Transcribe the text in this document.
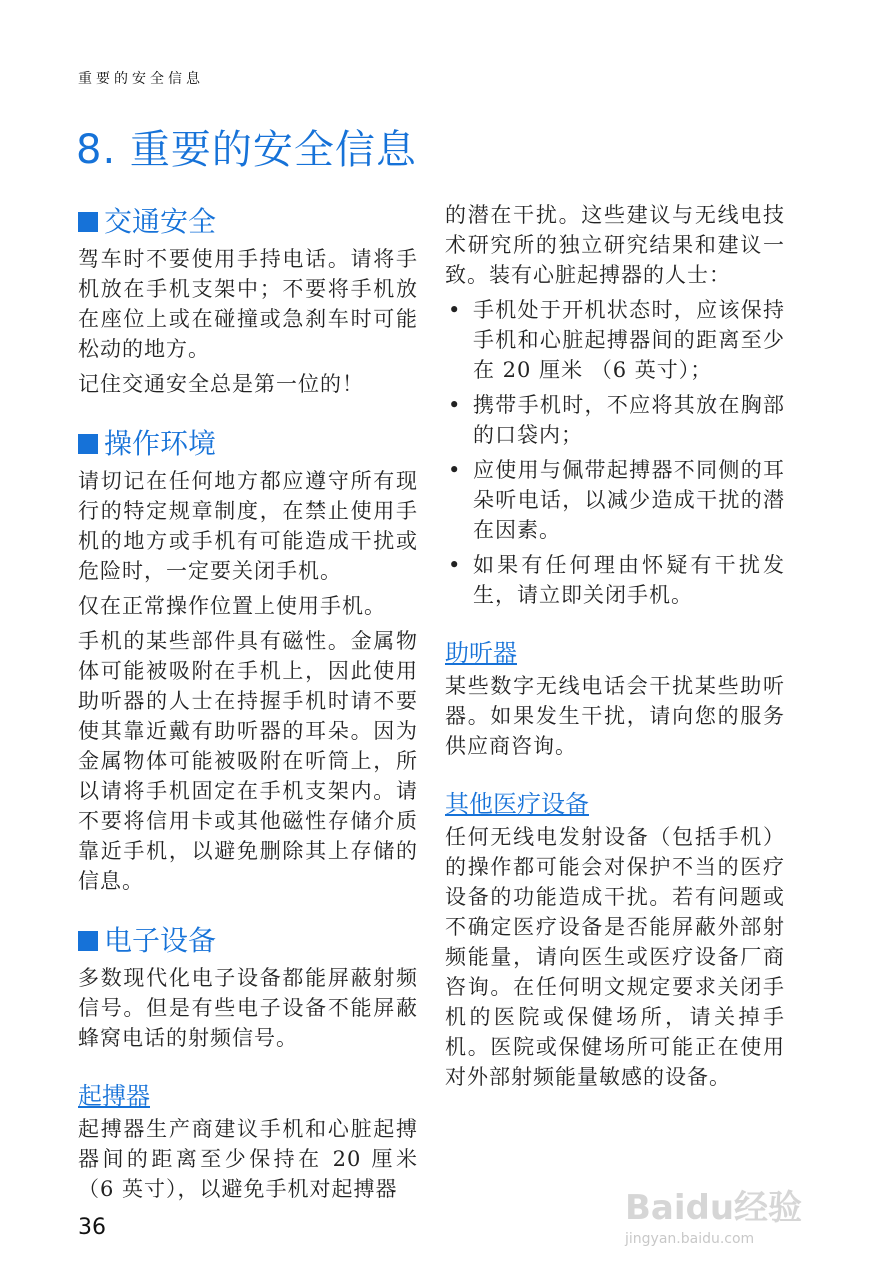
重要的安全信息
8. 重要的安全信息
交通安全

驾车时不要使用手持电话。请将手机放在手机支架中；不要将手机放在座位上或在碰撞或急刹车时可能松动的地方。

记住交通安全总是第一位的！

操作环境

请切记在任何地方都应遵守所有现行的特定规章制度，在禁止使用手机的地方或手机有可能造成干扰或危险时，一定要关闭手机。

仅在正常操作位置上使用手机。

手机的某些部件具有磁性。金属物体可能被吸附在手机上，因此使用助听器的人士在持握手机时请不要使其靠近戴有助听器的耳朵。因为金属物体可能被吸附在听筒上，所以请将手机固定在手机支架内。请不要将信用卡或其他磁性存储介质靠近手机，以避免删除其上存储的信息。

电子设备

多数现代化电子设备都能屏蔽射频信号。但是有些电子设备不能屏蔽蜂窝电话的射频信号。

起搏器

起搏器生产商建议手机和心脏起搏器间的距离至少保持在 20 厘米（6 英寸），以避免手机对起搏器

的潜在干扰。这些建议与无线电技术研究所的独立研究结果和建议一致。装有心脏起搏器的人士：

• 手机处于开机状态时，应该保持手机和心脏起搏器间的距离至少在 20 厘米 （6 英寸）；
• 携带手机时，不应将其放在胸部的口袋内；
• 应使用与佩带起搏器不同侧的耳朵听电话，以减少造成干扰的潜在因素。
• 如果有任何理由怀疑有干扰发生，请立即关闭手机。
助听器

某些数字无线电话会干扰某些助听器。如果发生干扰，请向您的服务供应商咨询。

其他医疗设备

任何无线电发射设备（包括手机）的操作都可能会对保护不当的医疗设备的功能造成干扰。若有问题或不确定医疗设备是否能屏蔽外部射频能量，请向医生或医疗设备厂商咨询。在任何明文规定要求关闭手机的医院或保健场所，请关掉手机。医院或保健场所可能正在使用对外部射频能量敏感的设备。

36	Baidu经验
jingyan.baidu.com
